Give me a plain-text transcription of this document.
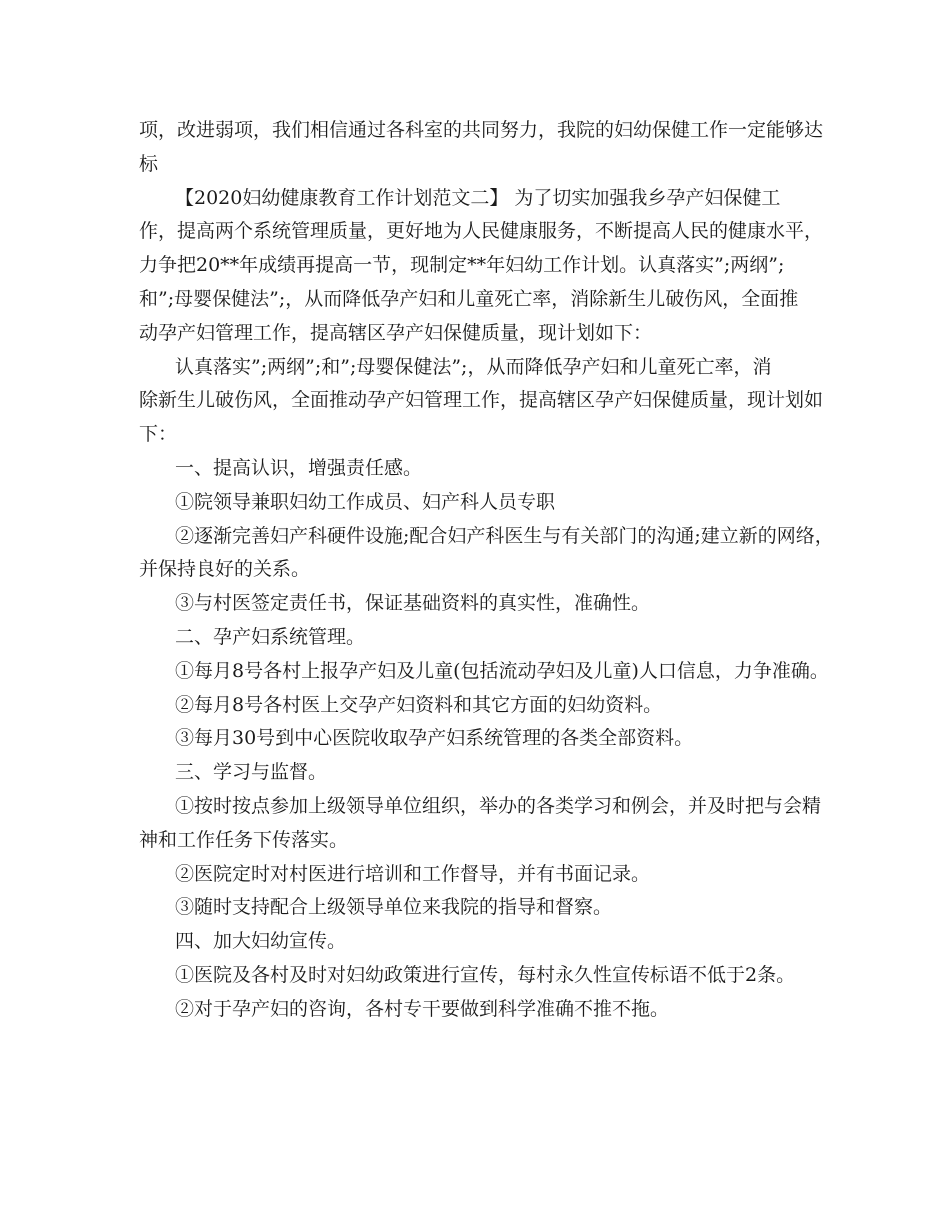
项，改进弱项，我们相信通过各科室的共同努力，我院的妇幼保健工作一定能够达
标
【2020妇幼健康教育工作计划范文二】 为了切实加强我乡孕产妇保健工
作，提高两个系统管理质量，更好地为人民健康服务，不断提高人民的健康水平，
力争把20**年成绩再提高一节，现制定**年妇幼工作计划。认真落实”;两纲”;
和”;母婴保健法”;，从而降低孕产妇和儿童死亡率，消除新生儿破伤风，全面推
动孕产妇管理工作，提高辖区孕产妇保健质量，现计划如下：
认真落实”;两纲”;和”;母婴保健法”;，从而降低孕产妇和儿童死亡率，消
除新生儿破伤风，全面推动孕产妇管理工作，提高辖区孕产妇保健质量，现计划如
下：
一、提高认识，增强责任感。
①院领导兼职妇幼工作成员、妇产科人员专职
②逐渐完善妇产科硬件设施;配合妇产科医生与有关部门的沟通;建立新的网络，
并保持良好的关系。
③与村医签定责任书，保证基础资料的真实性，准确性。
二、孕产妇系统管理。
①每月8号各村上报孕产妇及儿童(包括流动孕妇及儿童)人口信息，力争准确。
②每月8号各村医上交孕产妇资料和其它方面的妇幼资料。
③每月30号到中心医院收取孕产妇系统管理的各类全部资料。
三、学习与监督。
①按时按点参加上级领导单位组织，举办的各类学习和例会，并及时把与会精
神和工作任务下传落实。
②医院定时对村医进行培训和工作督导，并有书面记录。
③随时支持配合上级领导单位来我院的指导和督察。
四、加大妇幼宣传。
①医院及各村及时对妇幼政策进行宣传，每村永久性宣传标语不低于2条。
②对于孕产妇的咨询，各村专干要做到科学准确不推不拖。
